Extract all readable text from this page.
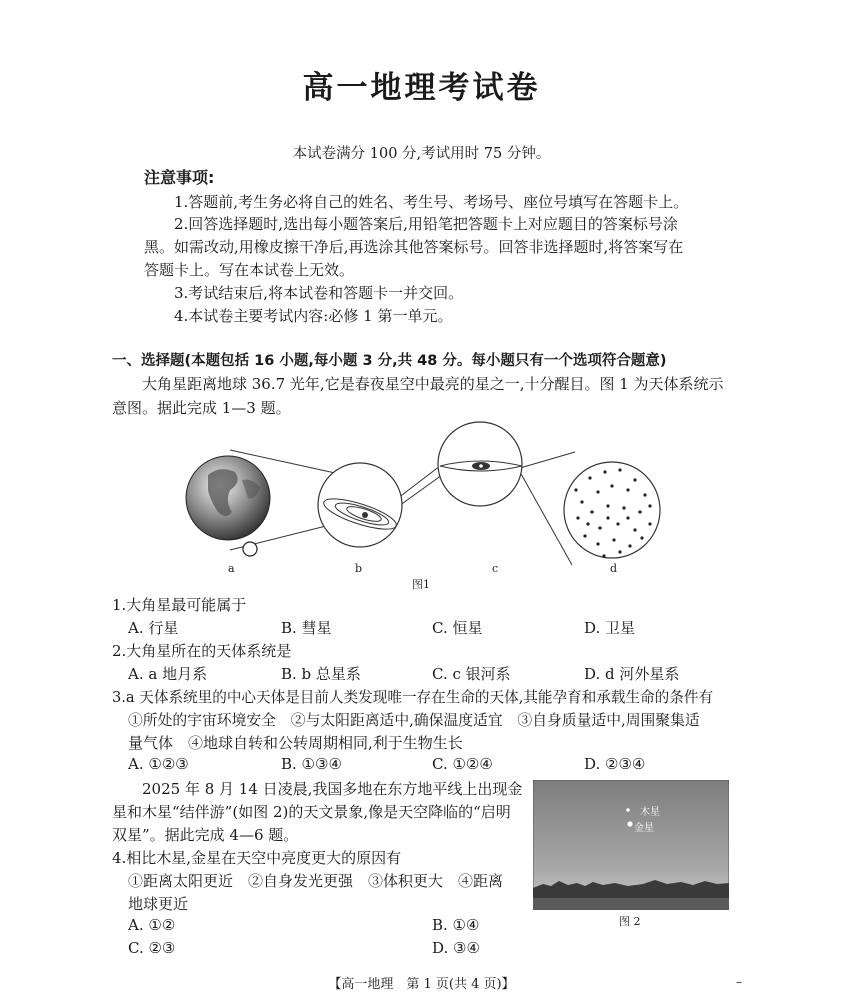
高一地理考试卷
本试卷满分 100 分,考试用时 75 分钟。
注意事项:
1.答题前,考生务必将自己的姓名、考生号、考场号、座位号填写在答题卡上。
2.回答选择题时,选出每小题答案后,用铅笔把答题卡上对应题目的答案标号涂
黑。如需改动,用橡皮擦干净后,再选涂其他答案标号。回答非选择题时,将答案写在
答题卡上。写在本试卷上无效。
3.考试结束后,将本试卷和答题卡一并交回。
4.本试卷主要考试内容:必修 1 第一单元。
一、选择题(本题包括 16 小题,每小题 3 分,共 48 分。每小题只有一个选项符合题意)
大角星距离地球 36.7 光年,它是春夜星空中最亮的星之一,十分醒目。图 1 为天体系统示
意图。据此完成 1—3 题。
a	b	c	d
图1
1.大角星最可能属于
A. 行星	B. 彗星	C. 恒星	D. 卫星
2.大角星所在的天体系统是
A. a 地月系	B. b 总星系	C. c 银河系	D. d 河外星系
3.a 天体系统里的中心天体是目前人类发现唯一存在生命的天体,其能孕育和承载生命的条件有
①所处的宇宙环境安全　②与太阳距离适中,确保温度适宜　③自身质量适中,周围聚集适
量气体　④地球自转和公转周期相同,利于生物生长
A. ①②③	B. ①③④	C. ①②④	D. ②③④
2025 年 8 月 14 日凌晨,我国多地在东方地平线上出现金
星和木星“结伴游”(如图 2)的天文景象,像是天空降临的“启明
双星”。据此完成 4—6 题。
木星
金星
图 2
4.相比木星,金星在天空中亮度更大的原因有
①距离太阳更近　②自身发光更强　③体积更大　④距离
地球更近
A. ①②	B. ①④
C. ②③	D. ③④
【高一地理　第 1 页(共 4 页)】	–
